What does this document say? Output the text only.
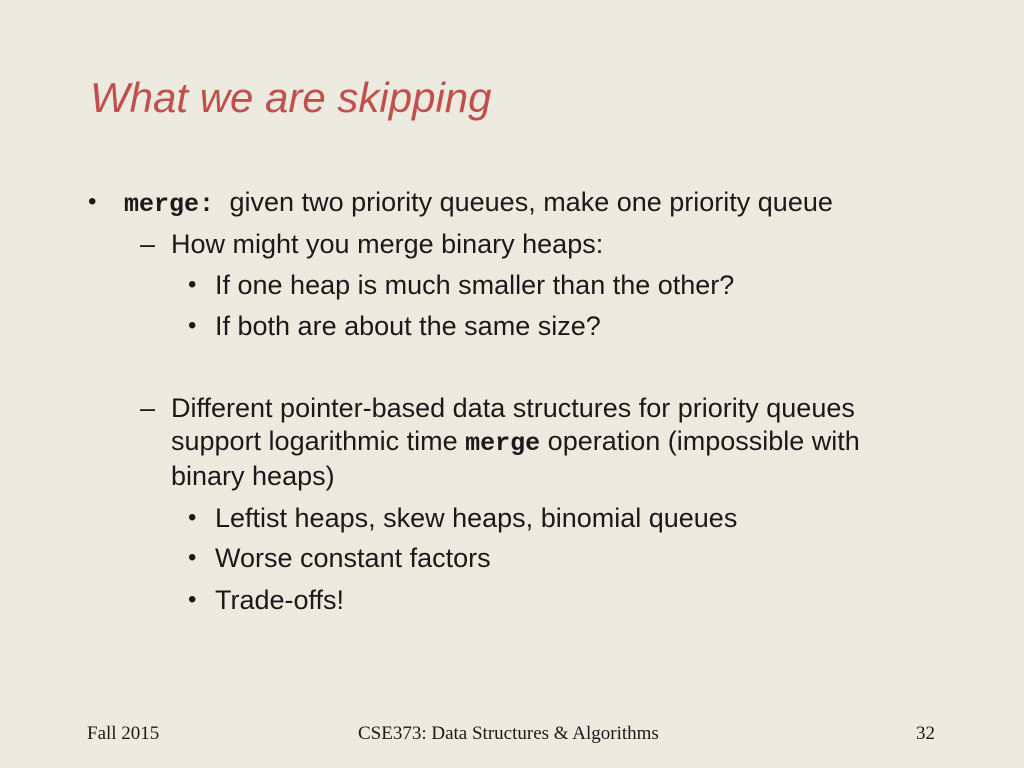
What we are skipping
• merge: given two priority queues, make one priority queue
– How might you merge binary heaps:
• If one heap is much smaller than the other?
• If both are about the same size?
– Different pointer-based data structures for priority queues
support logarithmic time merge operation (impossible with
binary heaps)
• Leftist heaps, skew heaps, binomial queues
• Worse constant factors
• Trade-offs!
Fall 2015	CSE373: Data Structures & Algorithms	32
